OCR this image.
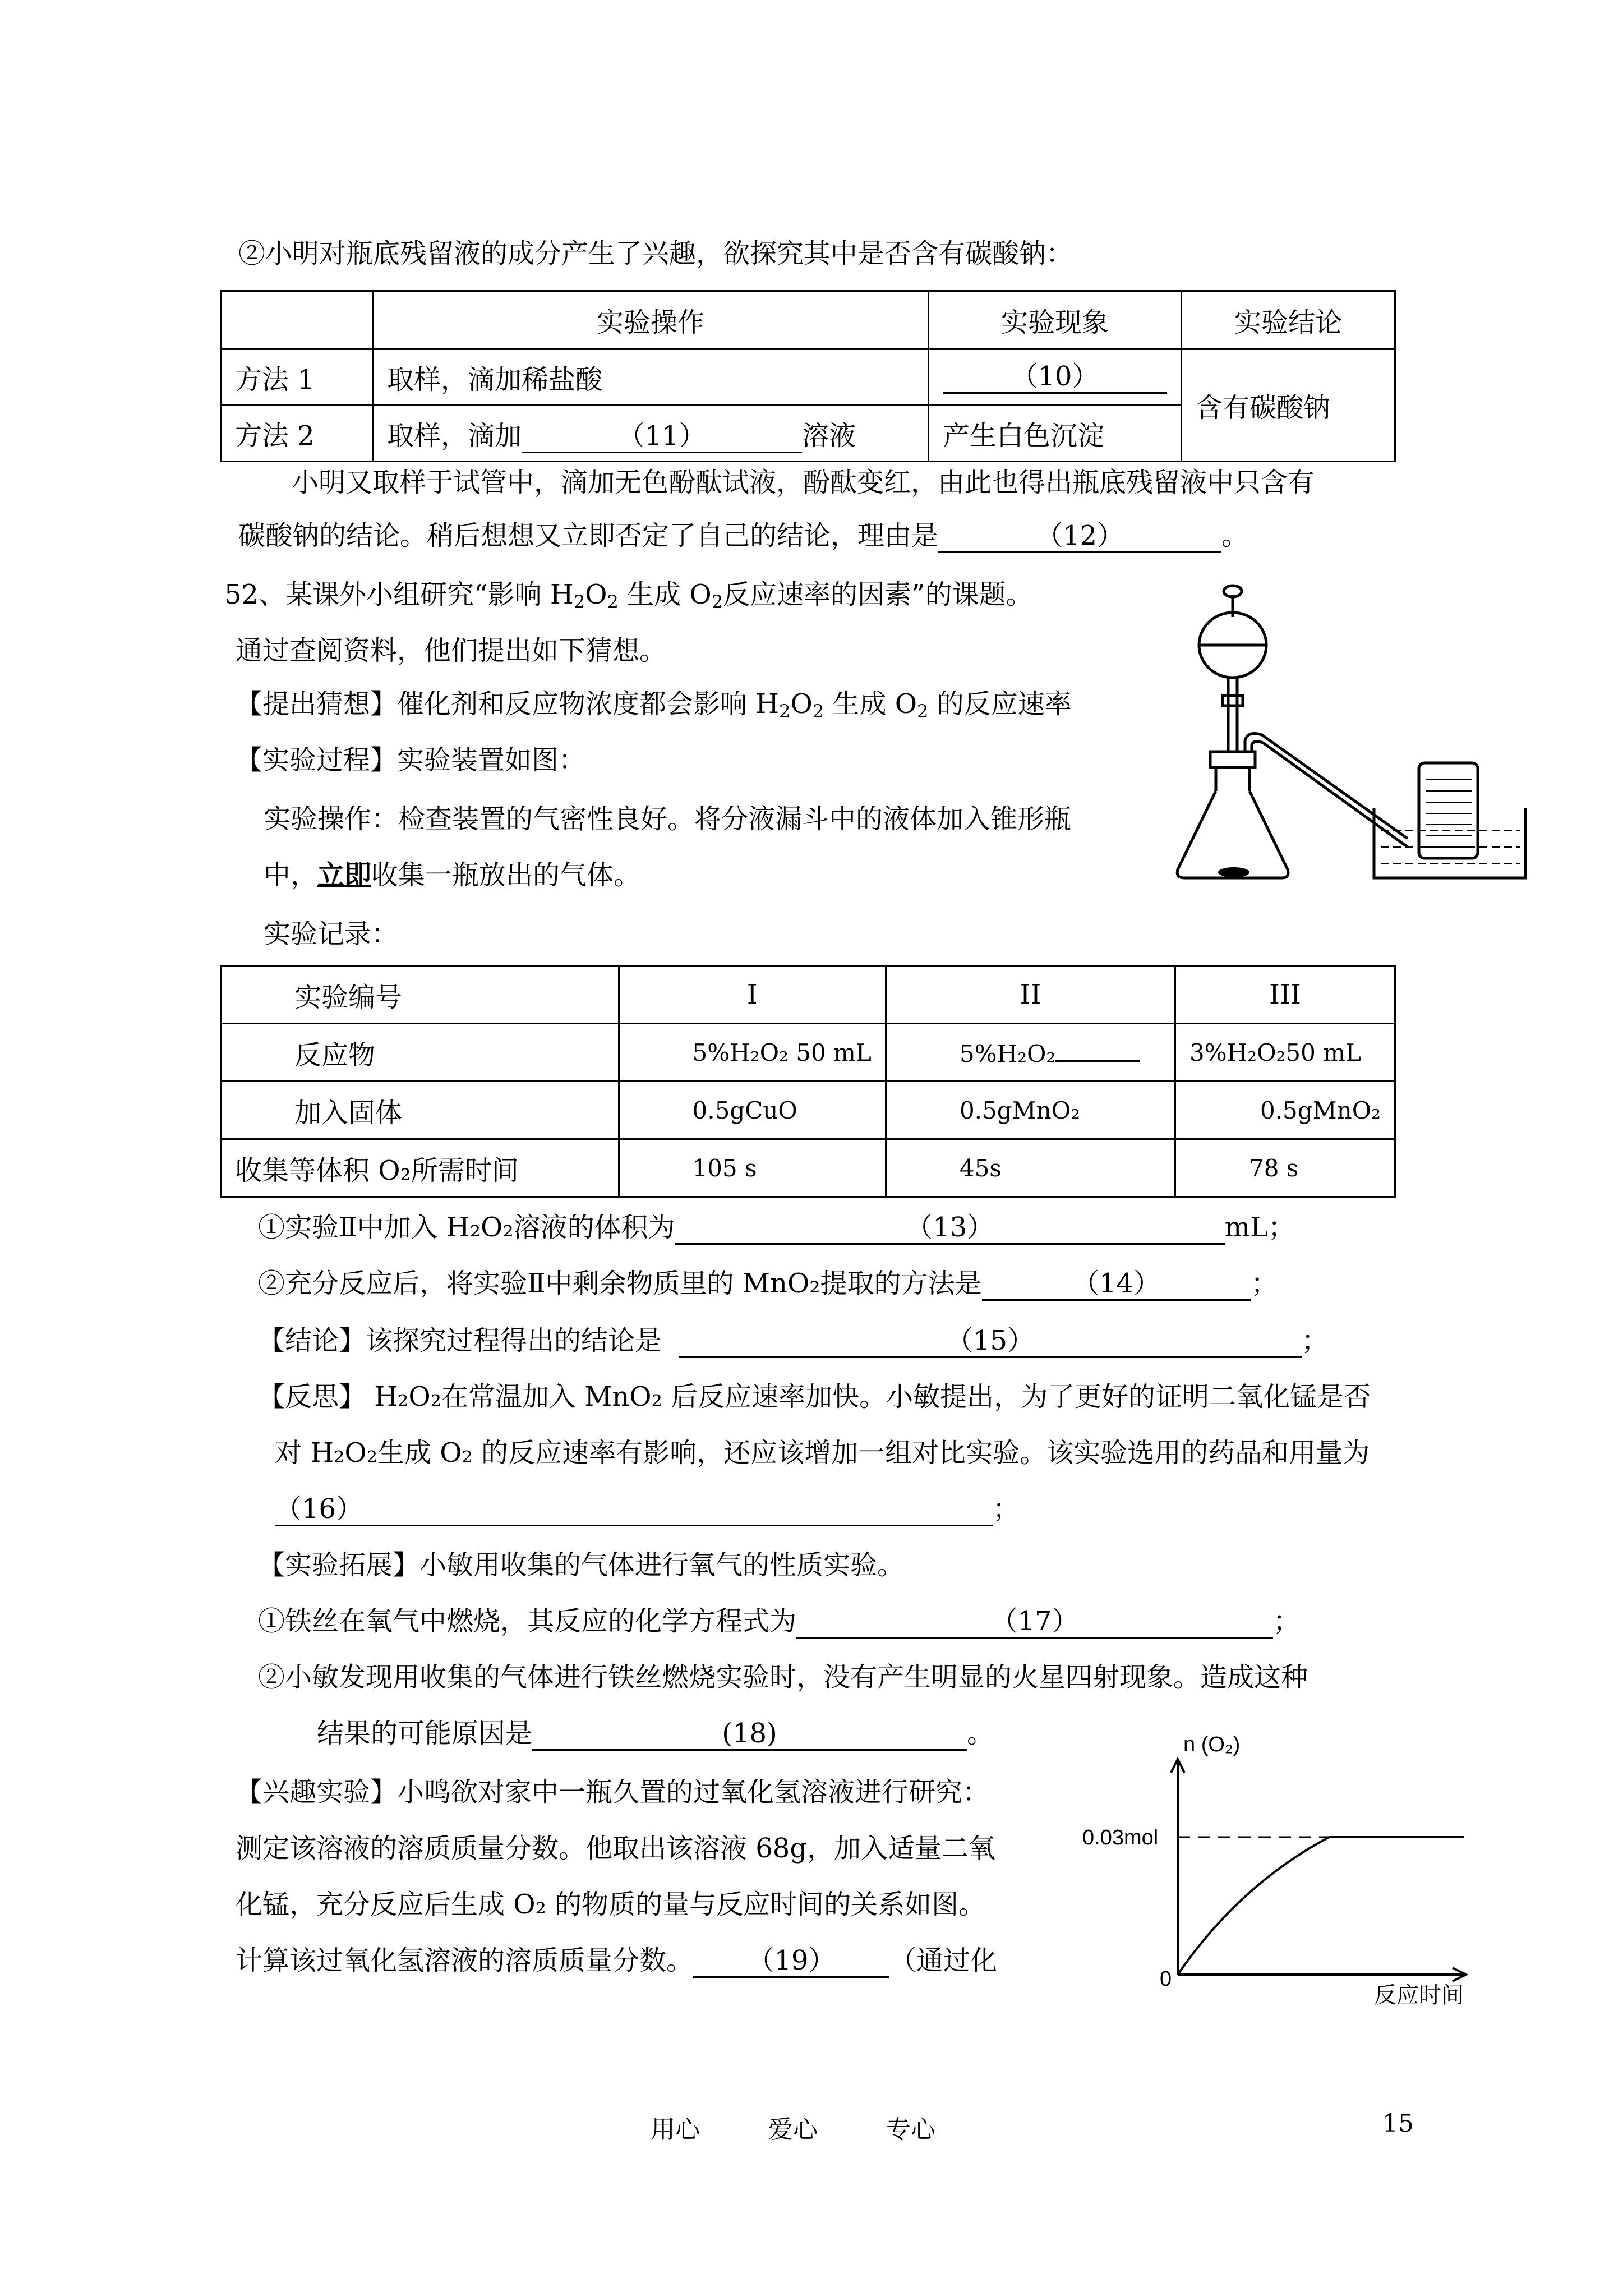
②小明对瓶底残留液的成分产生了兴趣，欲探究其中是否含有碳酸钠：
	实验操作	实验现象	实验结论
方法 1	取样，滴加稀盐酸	（10）	含有碳酸钠
方法 2	取样，滴加 （11） 溶液	产生白色沉淀	
小明又取样于试管中，滴加无色酚酞试液，酚酞变红，由此也得出瓶底残留液中只含有
碳酸钠的结论。稍后想想又立即否定了自己的结论，理由是	（12）	。
52、某课外小组研究“影响 $H_2O_2$ 生成 $O_2$反应速率的因素”的课题。
通过查阅资料，他们提出如下猜想。
【提出猜想】催化剂和反应物浓度都会影响 $H_2O_2$ 生成 $O_2$ 的反应速率
【实验过程】实验装置如图：
实验操作：检查装置的气密性良好。将分液漏斗中的液体加入锥形瓶
中，立即收集一瓶放出的气体。
实验记录：
实验编号	I	II	III
反应物	5%H₂O₂ 50 mL	5%H₂O₂	3%H₂O₂50 mL
加入固体	0.5gCuO	0.5gMnO₂	0.5gMnO₂
收集等体积 O₂所需时间	105 s	45s	78 s
①实验Ⅱ中加入 H₂O₂溶液的体积为	（13）	mL；
②充分反应后，将实验Ⅱ中剩余物质里的 MnO₂提取的方法是	（14）	；
【结论】该探究过程得出的结论是	（15）	；
【反思】 H₂O₂在常温加入 MnO₂ 后反应速率加快。小敏提出，为了更好的证明二氧化锰是否
对 H₂O₂生成 O₂ 的反应速率有影响，还应该增加一组对比实验。该实验选用的药品和用量为
（16）	；
【实验拓展】小敏用收集的气体进行氧气的性质实验。
①铁丝在氧气中燃烧，其反应的化学方程式为	（17）	；
②小敏发现用收集的气体进行铁丝燃烧实验时，没有产生明显的火星四射现象。造成这种
结果的可能原因是	(18)	。
【兴趣实验】小鸣欲对家中一瓶久置的过氧化氢溶液进行研究：
测定该溶液的溶质质量分数。他取出该溶液 68g，加入适量二氧
化锰，充分反应后生成 O₂ 的物质的量与反应时间的关系如图。
计算该过氧化氢溶液的溶质质量分数。 （19） （通过化
n (O₂)
0.03mol
0
反应时间
用心	爱心	专心	15
